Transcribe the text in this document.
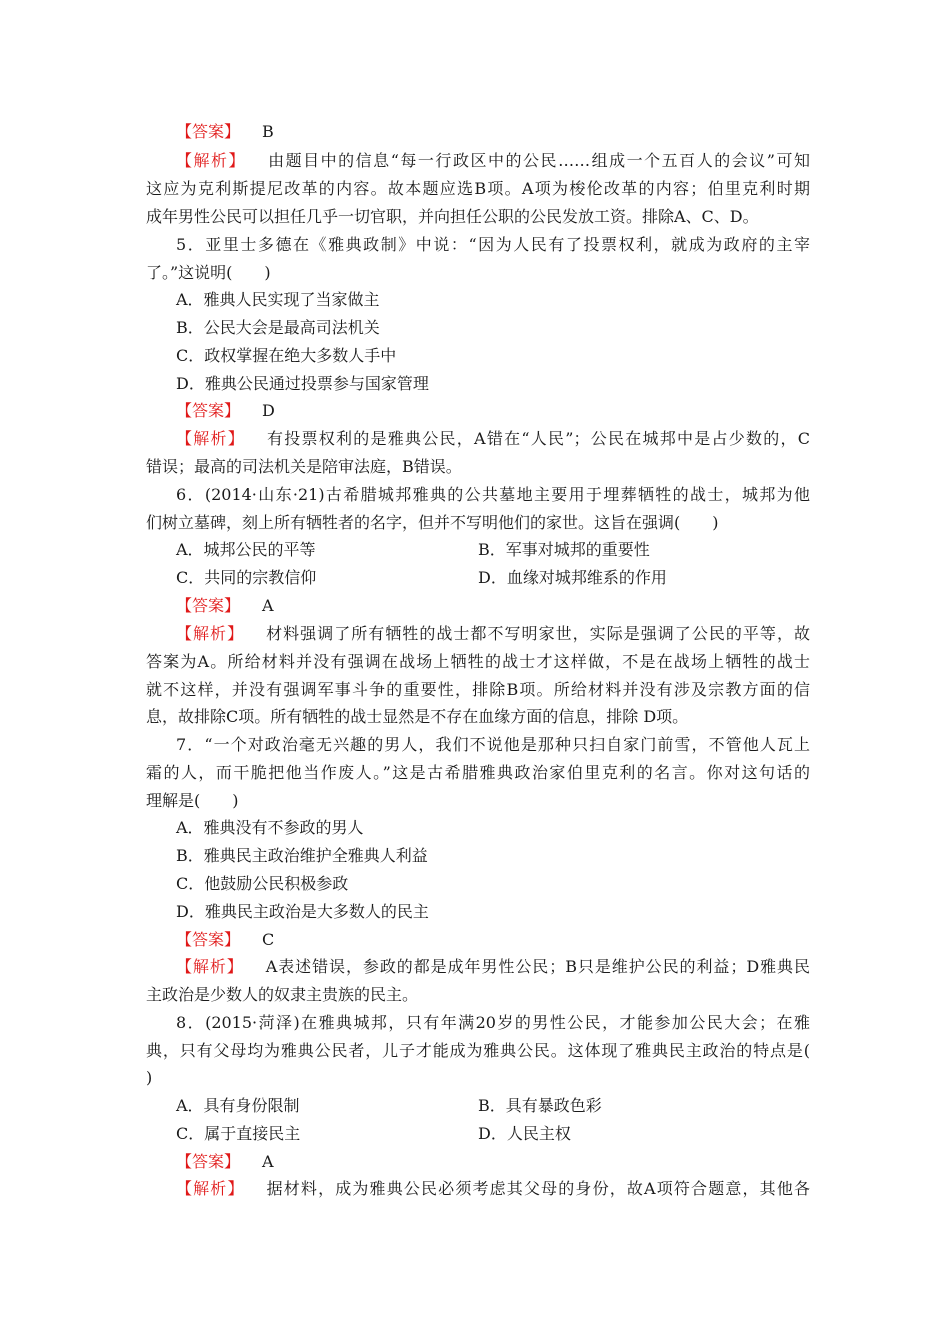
【答案】 B
【解析】 由题目中的信息“每一行政区中的公民……组成一个五百人的会议”可知
这应为克利斯提尼改革的内容。故本题应选B项。A项为梭伦改革的内容；伯里克利时期
成年男性公民可以担任几乎一切官职，并向担任公职的公民发放工资。排除A、C、D。
5．亚里士多德在《雅典政制》中说：“因为人民有了投票权利，就成为政府的主宰
了。”这说明(　　)
A．雅典人民实现了当家做主
B．公民大会是最高司法机关
C．政权掌握在绝大多数人手中
D．雅典公民通过投票参与国家管理
【答案】 D
【解析】 有投票权利的是雅典公民，A错在“人民”；公民在城邦中是占少数的，C
错误；最高的司法机关是陪审法庭，B错误。
6．(2014·山东·21)古希腊城邦雅典的公共墓地主要用于埋葬牺牲的战士，城邦为他
们树立墓碑，刻上所有牺牲者的名字，但并不写明他们的家世。这旨在强调(　　)
A．城邦公民的平等	B．军事对城邦的重要性
C．共同的宗教信仰	D．血缘对城邦维系的作用
【答案】 A
【解析】 材料强调了所有牺牲的战士都不写明家世，实际是强调了公民的平等，故
答案为A。所给材料并没有强调在战场上牺牲的战士才这样做，不是在战场上牺牲的战士
就不这样，并没有强调军事斗争的重要性，排除B项。所给材料并没有涉及宗教方面的信
息，故排除C项。所有牺牲的战士显然是不存在血缘方面的信息，排除 D项。
7．“一个对政治毫无兴趣的男人，我们不说他是那种只扫自家门前雪，不管他人瓦上
霜的人，而干脆把他当作废人。”这是古希腊雅典政治家伯里克利的名言。你对这句话的
理解是(　　)
A．雅典没有不参政的男人
B．雅典民主政治维护全雅典人利益
C．他鼓励公民积极参政
D．雅典民主政治是大多数人的民主
【答案】 C
【解析】 A表述错误，参政的都是成年男性公民；B只是维护公民的利益；D雅典民
主政治是少数人的奴隶主贵族的民主。
8．(2015·菏泽)在雅典城邦，只有年满20岁的男性公民，才能参加公民大会；在雅
典，只有父母均为雅典公民者，儿子才能成为雅典公民。这体现了雅典民主政治的特点是(
)
A．具有身份限制	B．具有暴政色彩
C．属于直接民主	D．人民主权
【答案】 A
【解析】 据材料，成为雅典公民必须考虑其父母的身份，故A项符合题意，其他各
